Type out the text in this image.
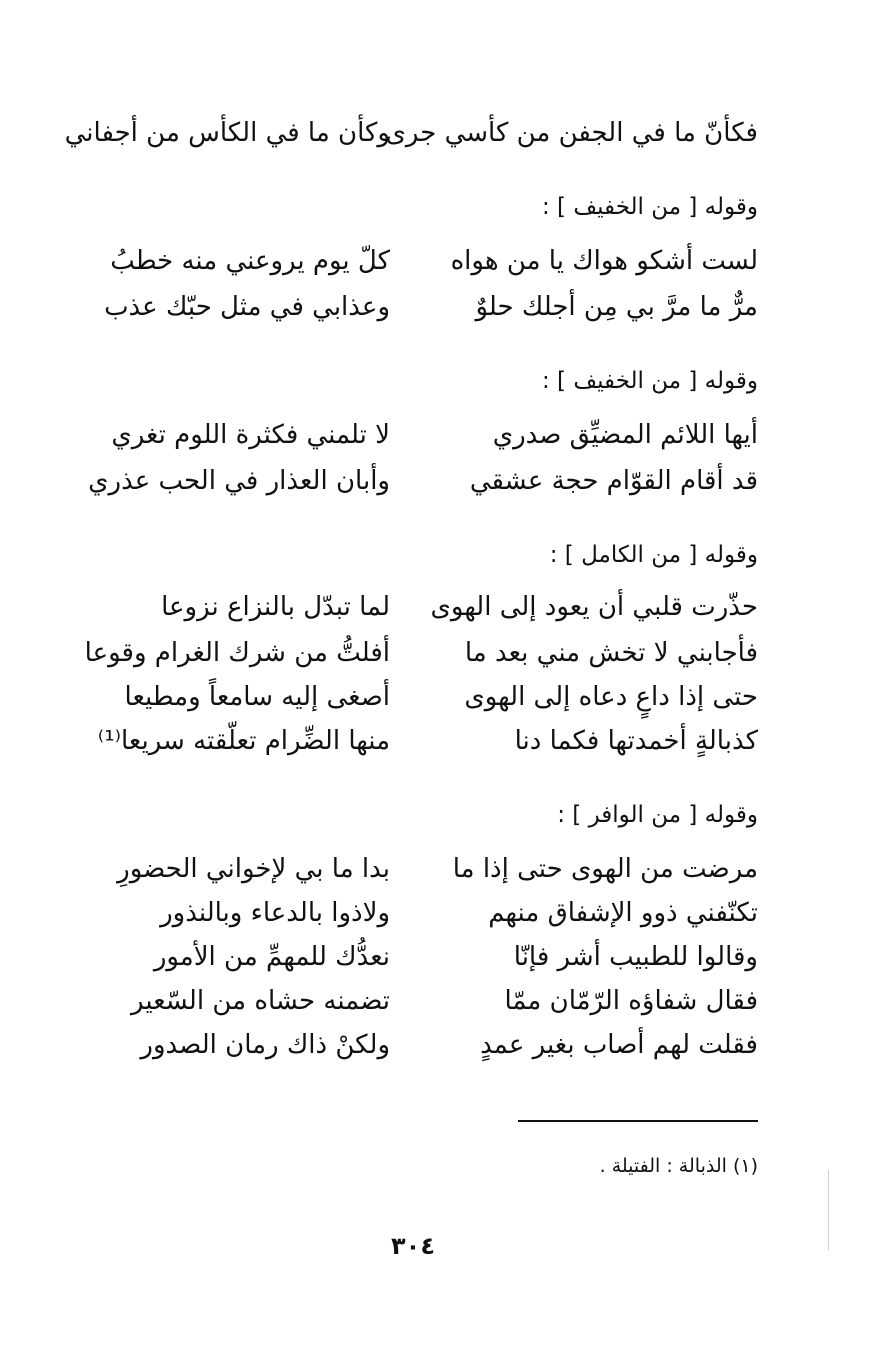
فكأنّ ما في الجفن من كأسي جرى
وكأن ما في الكأس من أجفاني
وقوله [ من الخفيف ] :
لست أشكو هواك يا من هواه
كلّ يوم يروعني منه خطبُ
مرٌّ ما مرَّ بي مِن أجلك حلوٌ
وعذابي في مثل حبّك عذب
وقوله [ من الخفيف ] :
أيها اللائم المضيِّق صدري
لا تلمني فكثرة اللوم تغري
قد أقام القوّام حجة عشقي
وأبان العذار في الحب عذري
وقوله [ من الكامل ] :
حذّرت قلبي أن يعود إلى الهوى
لما تبدّل بالنزاع نزوعا
فأجابني لا تخش مني بعد ما
أفلتُّ من شرك الغرام وقوعا
حتى إذا داعٍ دعاه إلى الهوى
أصغى إليه سامعاً ومطيعا
كذبالةٍ أخمدتها فكما دنا
منها الضِّرام تعلّقته سريعا⁽¹⁾
وقوله [ من الوافر ] :
مرضت من الهوى حتى إذا ما
بدا ما بي لإخواني الحضورِ
تكنّفني ذوو الإشفاق منهم
ولاذوا بالدعاء وبالنذور
وقالوا للطبيب أشر فإنّا
نعدُّك للمهمِّ من الأمور
فقال شفاؤه الرّمّان ممّا
تضمنه حشاه من السّعير
فقلت لهم أصاب بغير عمدٍ
ولكنْ ذاك رمان الصدور
(١) الذبالة : الفتيلة .
٣٠٤
